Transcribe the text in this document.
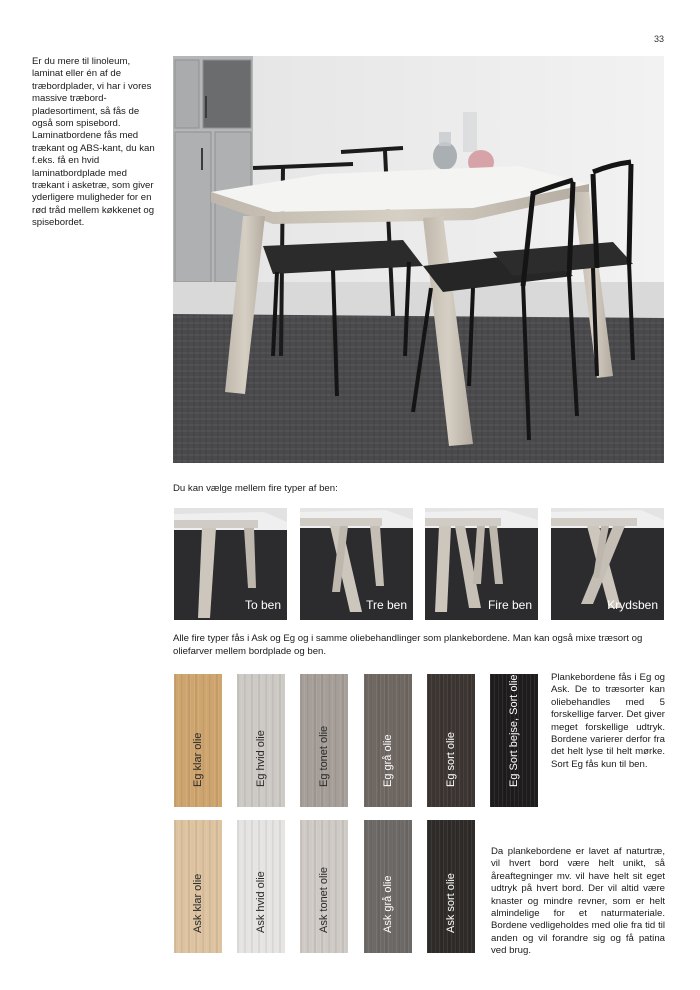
33
Er du mere til linoleum, laminat eller én af de træbordplader, vi har i vores massive træbord-pladesortiment, så fås de også som spisebord. Laminatbordene fås med trækant og ABS-kant, du kan f.eks. få en hvid laminatbordplade med trækant i asketræ, som giver yderligere muligheder for en rød tråd mellem køkkenet og spisebordet.
Du kan vælge mellem fire typer af ben:
To ben	Tre ben	Fire ben	Krydsben
Alle fire typer fås i Ask og Eg og i samme oliebehandlinger som plankebordene. Man kan også mixe træsort og oliefarver mellem bordplade og ben.
Eg klar olie	Eg hvid olie	Eg tonet olie	Eg grå olie	Eg sort olie	Eg Sort bejse, Sort olie
Ask klar olie	Ask hvid olie	Ask tonet olie	Ask grå olie	Ask sort olie
Plankebordene fås i Eg og Ask. De to træsorter kan oliebehandles med 5 forskellige farver. Det giver meget forskellige udtryk. Bordene varierer derfor fra det helt lyse til helt mørke. Sort Eg fås kun til ben.
Da plankebordene er lavet af naturtræ, vil hvert bord være helt unikt, så åreaftegninger mv. vil have helt sit eget udtryk på hvert bord. Der vil altid være knaster og mindre revner, som er helt almindelige for et naturmateriale. Bordene vedligeholdes med olie fra tid til anden og vil forandre sig og få patina ved brug.
